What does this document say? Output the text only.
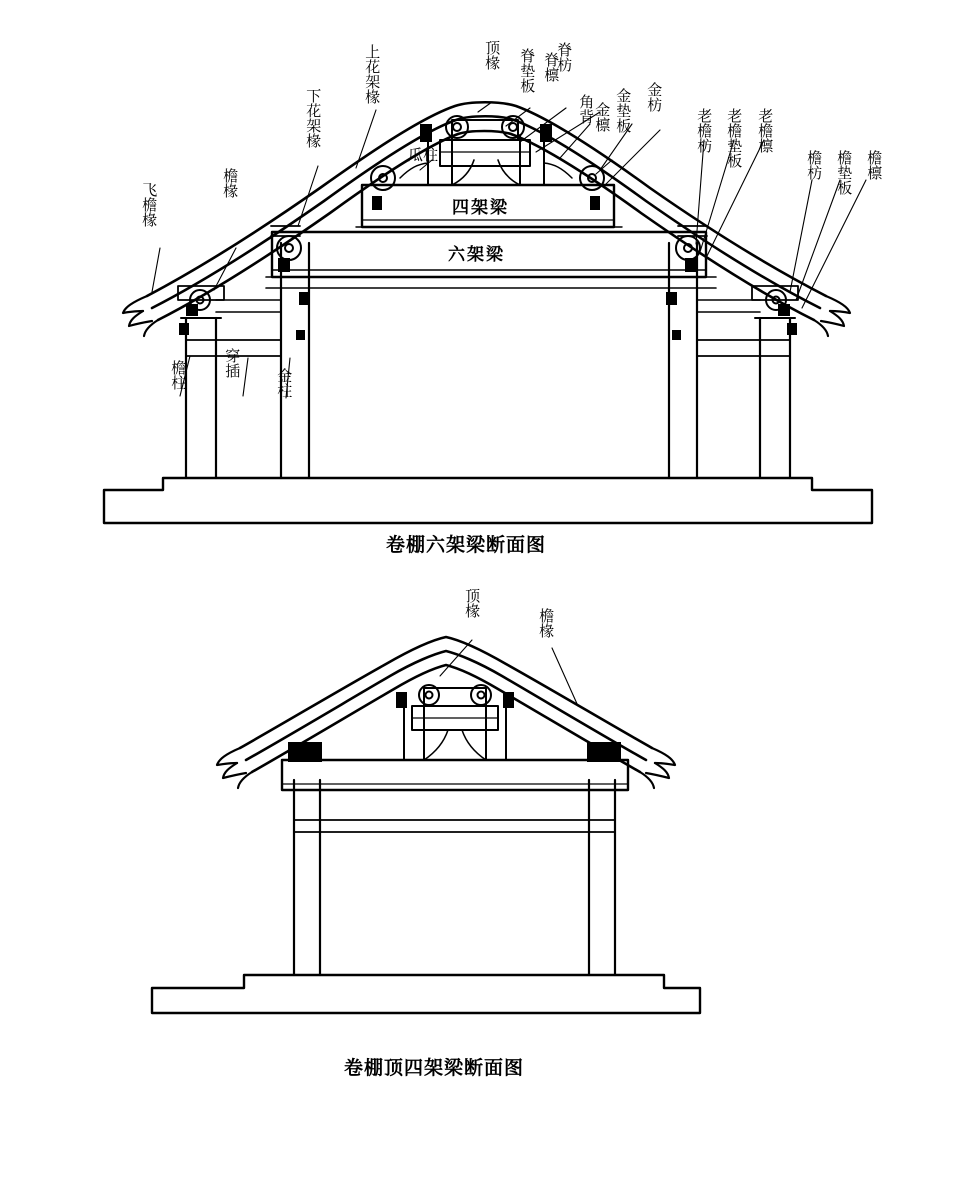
飞檐椽	檐椽
下花架椽
上花架椽
檐柱 穿插
金柱
瓜柱
顶椽 脊垫板 脊枋
脊檩
角背	金枋
金垫板
金檩	老檐枋 老檐垫板 老檐檩
檐枋 檐垫板 檐檩
四架梁
六架梁
卷棚六架梁断面图
顶椽
檐椽
卷棚顶四架梁断面图
